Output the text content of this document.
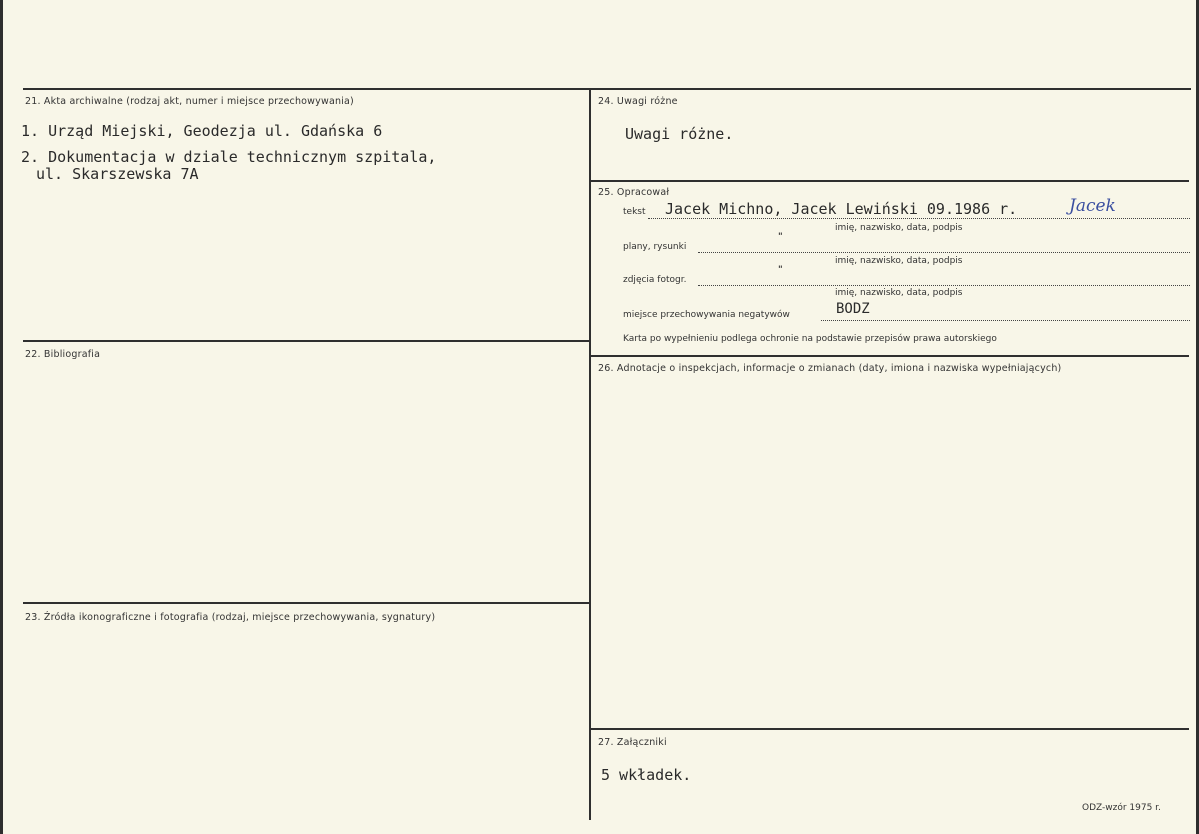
21. Akta archiwalne (rodzaj akt, numer i miejsce przechowywania)
1. Urząd Miejski, Geodezja ul. Gdańska 6
2. Dokumentacja w dziale technicznym szpitala,
ul. Skarszewska 7A
22. Bibliografia
23. Źródła ikonograficzne i fotografia (rodzaj, miejsce przechowywania, sygnatury)
24. Uwagi różne
Uwagi różne.
25. Opracował
tekst Jacek Michno, Jacek Lewiński 09.1986 r.	Jacek
imię, nazwisko, data, podpis
"
plany, rysunki
imię, nazwisko, data, podpis
"
zdjęcia fotogr.
imię, nazwisko, data, podpis
miejsce przechowywania negatywów	BODZ
Karta po wypełnieniu podlega ochronie na podstawie przepisów prawa autorskiego
26. Adnotacje o inspekcjach, informacje o zmianach (daty, imiona i nazwiska wypełniających)
27. Załączniki
5 wkładek.
ODZ-wzór 1975 r.
